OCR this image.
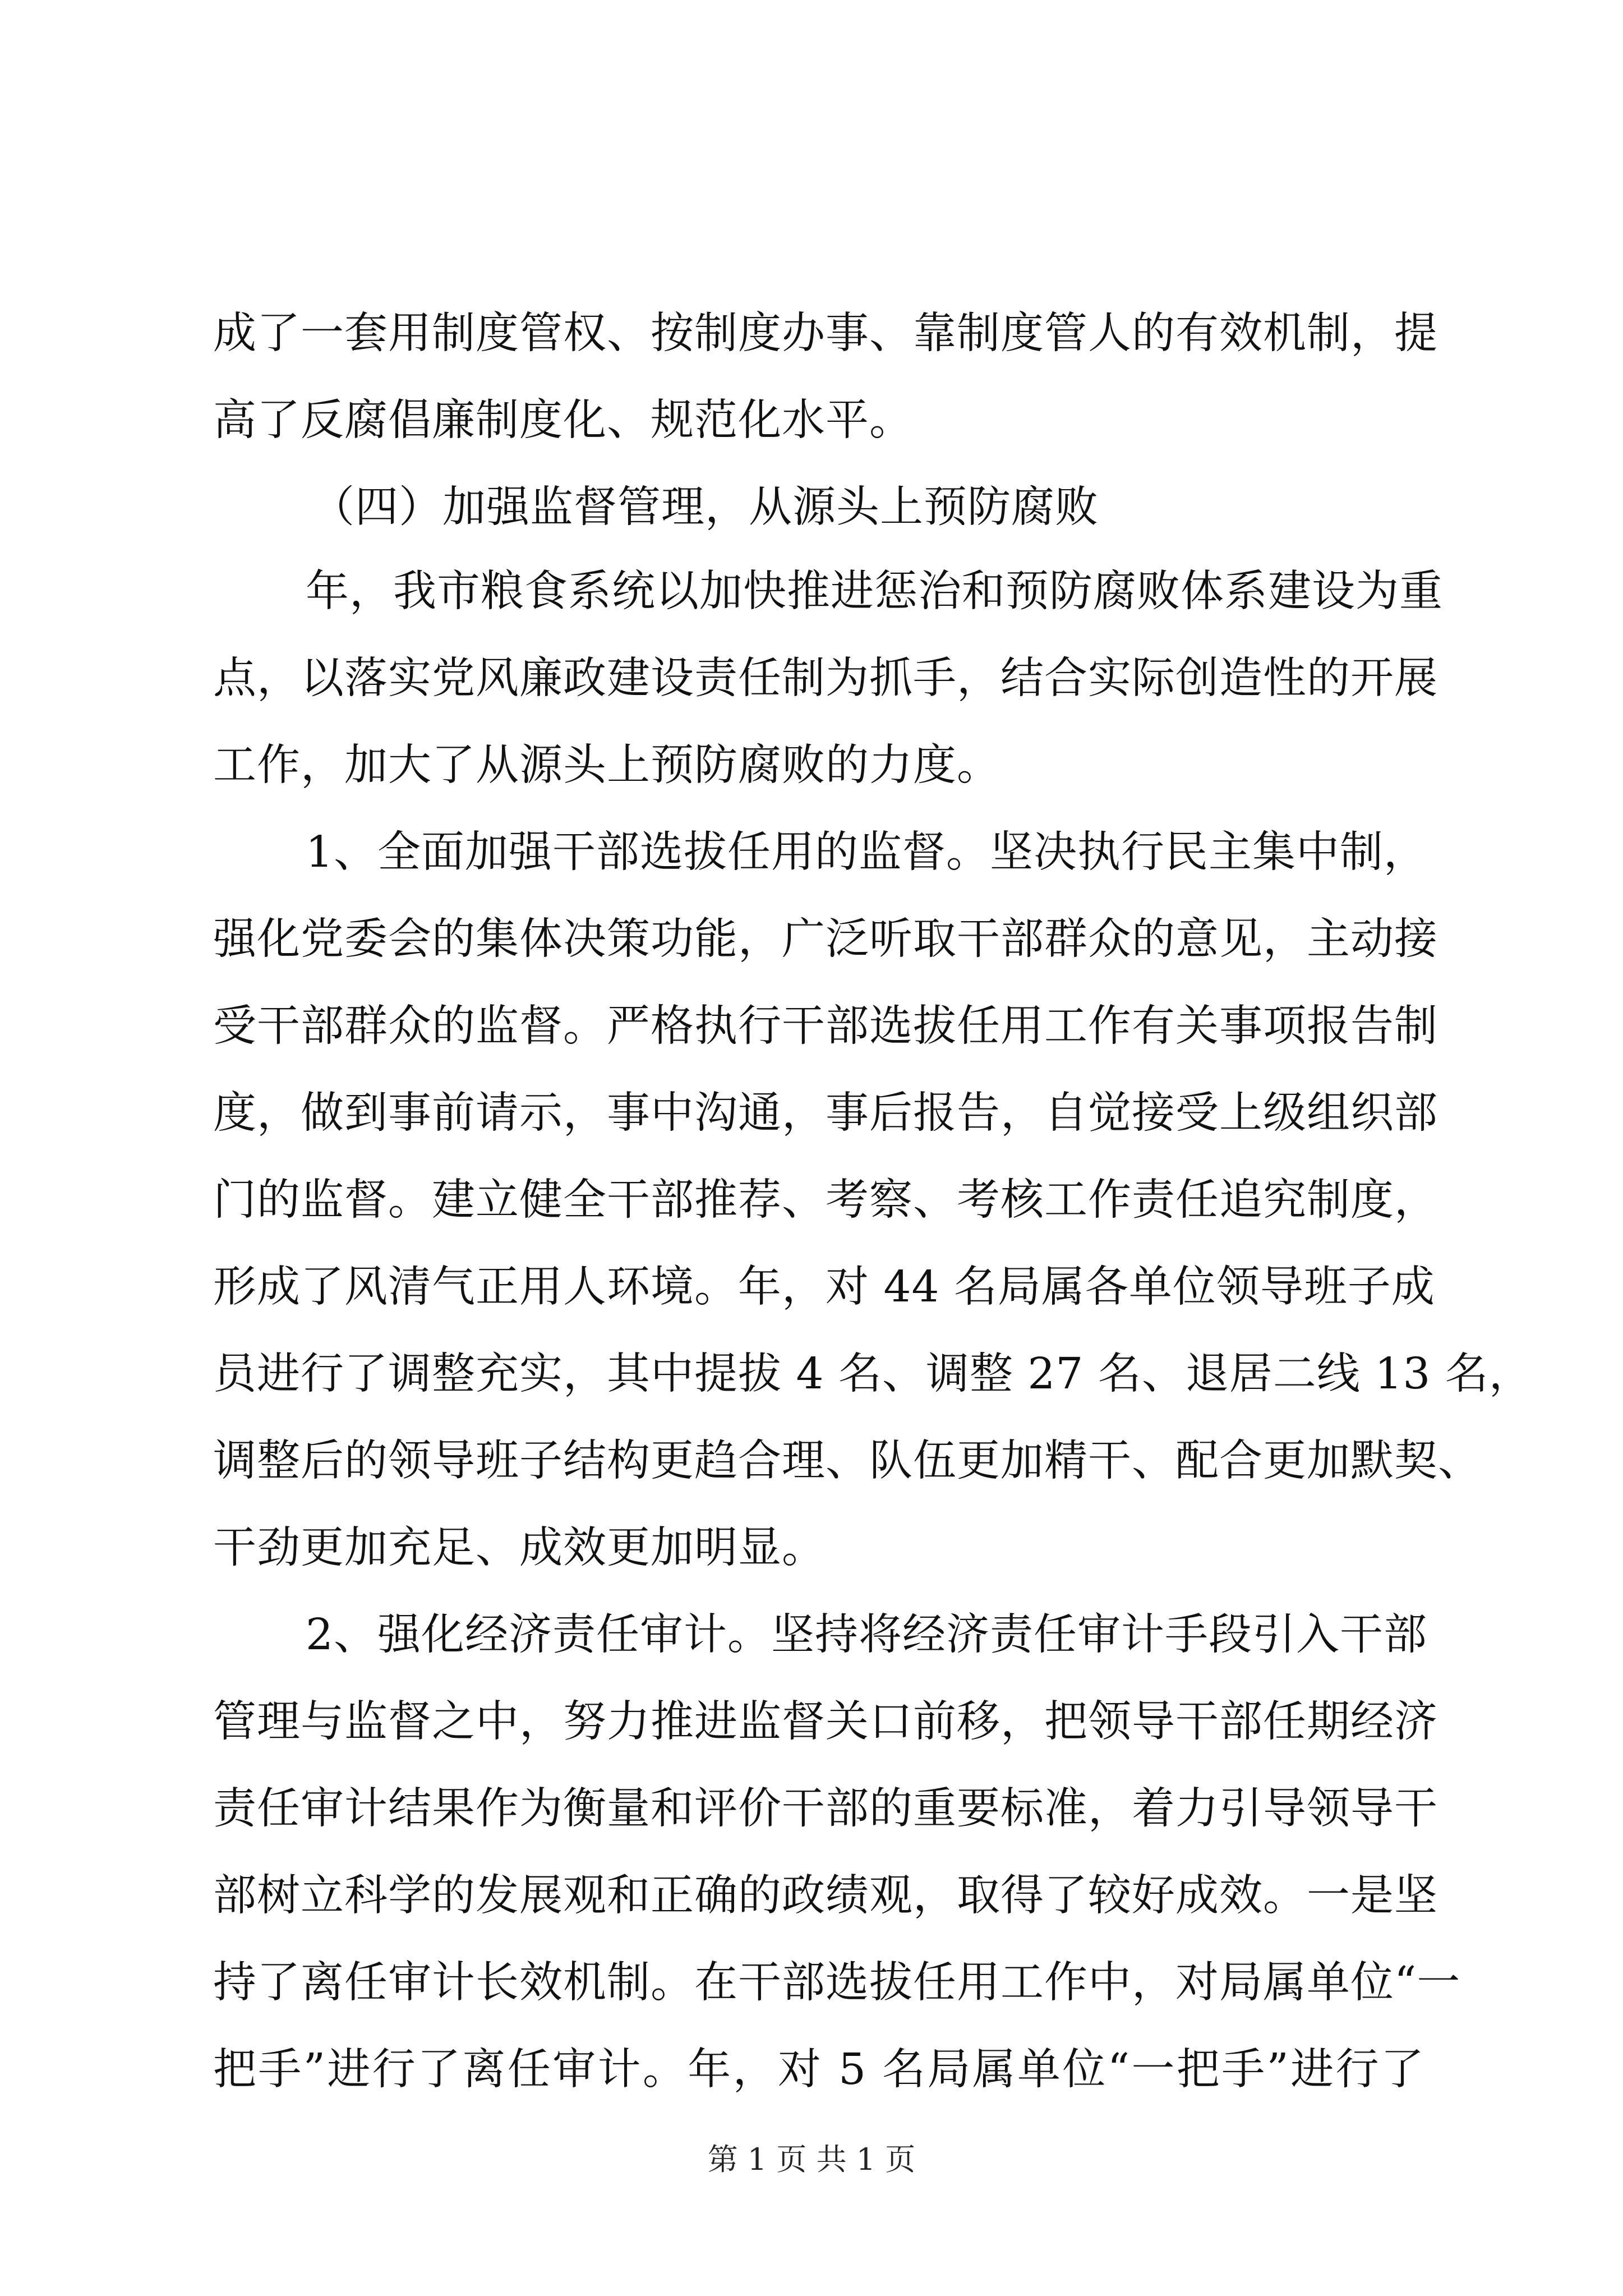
成了一套用制度管权、按制度办事、靠制度管人的有效机制，提
高了反腐倡廉制度化、规范化水平。
（四）加强监督管理，从源头上预防腐败
年，我市粮食系统以加快推进惩治和预防腐败体系建设为重
点，以落实党风廉政建设责任制为抓手，结合实际创造性的开展
工作，加大了从源头上预防腐败的力度。
1、全面加强干部选拔任用的监督。坚决执行民主集中制，
强化党委会的集体决策功能，广泛听取干部群众的意见，主动接
受干部群众的监督。严格执行干部选拔任用工作有关事项报告制
度，做到事前请示，事中沟通，事后报告，自觉接受上级组织部
门的监督。建立健全干部推荐、考察、考核工作责任追究制度，
形成了风清气正用人环境。年，对 44 名局属各单位领导班子成
员进行了调整充实，其中提拔 4 名、调整 27 名、退居二线 13 名，
调整后的领导班子结构更趋合理、队伍更加精干、配合更加默契、
干劲更加充足、成效更加明显。
2、强化经济责任审计。坚持将经济责任审计手段引入干部
管理与监督之中，努力推进监督关口前移，把领导干部任期经济
责任审计结果作为衡量和评价干部的重要标准，着力引导领导干
部树立科学的发展观和正确的政绩观，取得了较好成效。一是坚
持了离任审计长效机制。在干部选拔任用工作中，对局属单位“一
把手”进行了离任审计。年，对 5 名局属单位“一把手”进行了
第 1 页 共 1 页
